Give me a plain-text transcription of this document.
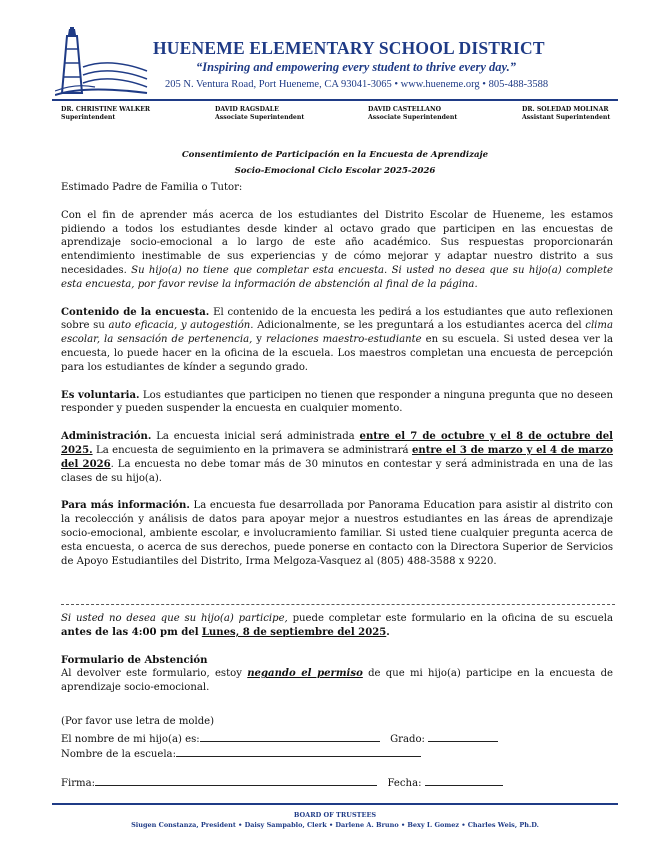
HUENEME ELEMENTARY SCHOOL DISTRICT
“Inspiring and empowering every student to thrive every day.”
205 N. Ventura Road, Port Hueneme, CA 93041-3065 • www.hueneme.org • 805-488-3588
DR. CHRISTINE WALKER
Superintendent
DAVID RAGSDALE
Associate Superintendent
DAVID CASTELLANO
Associate Superintendent
DR. SOLEDAD MOLINAR
Assistant Superintendent
Consentimiento de Participación en la Encuesta de Aprendizaje
Socio-Emocional Ciclo Escolar 2025-2026

Estimado Padre de Familia o Tutor:

Con el fin de aprender más acerca de los estudiantes del Distrito Escolar de Hueneme, les estamos pidiendo a todos los estudiantes desde kinder al octavo grado que participen en las encuestas de aprendizaje socio-emocional a lo largo de este año académico. Sus respuestas proporcionarán entendimiento inestimable de sus experiencias y de cómo mejorar y adaptar nuestro distrito a sus necesidades. Su hijo(a) no tiene que completar esta encuesta. Si usted no desea que su hijo(a) complete esta encuesta, por favor revise la información de abstención al final de la página.

Contenido de la encuesta. El contenido de la encuesta les pedirá a los estudiantes que auto reflexionen sobre su auto eficacia, y autogestión. Adicionalmente, se les preguntará a los estudiantes acerca del clima escolar, la sensación de pertenencia, y relaciones maestro-estudiante en su escuela. Si usted desea ver la encuesta, lo puede hacer en la oficina de la escuela. Los maestros completan una encuesta de percepción para los estudiantes de kínder a segundo grado.

Es voluntaria. Los estudiantes que participen no tienen que responder a ninguna pregunta que no deseen responder y pueden suspender la encuesta en cualquier momento.

Administración. La encuesta inicial será administrada entre el 7 de octubre y el 8 de octubre del 2025. La encuesta de seguimiento en la primavera se administrará entre el 3 de marzo y el 4 de marzo del 2026. La encuesta no debe tomar más de 30 minutos en contestar y será administrada en una de las clases de su hijo(a).

Para más información. La encuesta fue desarrollada por Panorama Education para asistir al distrito con la recolección y análisis de datos para apoyar mejor a nuestros estudiantes en las áreas de aprendizaje socio-emocional, ambiente escolar, e involucramiento familiar. Si usted tiene cualquier pregunta acerca de esta encuesta, o acerca de sus derechos, puede ponerse en contacto con la Directora Superior de Servicios de Apoyo Estudiantiles del Distrito, Irma Melgoza-Vasquez al (805) 488-3588 x 9220.

Si usted no desea que su hijo(a) participe, puede completar este formulario en la oficina de su escuela antes de las 4:00 pm del Lunes, 8 de septiembre del 2025.

Formulario de Abstención

Al devolver este formulario, estoy negando el permiso de que mi hijo(a) participe en la encuesta de aprendizaje socio-emocional.

(Por favor use letra de molde)
El nombre de mi hijo(a) es:	Grado:
Nombre de la escuela:
Firma:	Fecha:
BOARD OF TRUSTEES
Siugen Constanza, President • Daisy Sampablo, Clerk • Darlene A. Bruno • Bexy I. Gomez • Charles Weis, Ph.D.
